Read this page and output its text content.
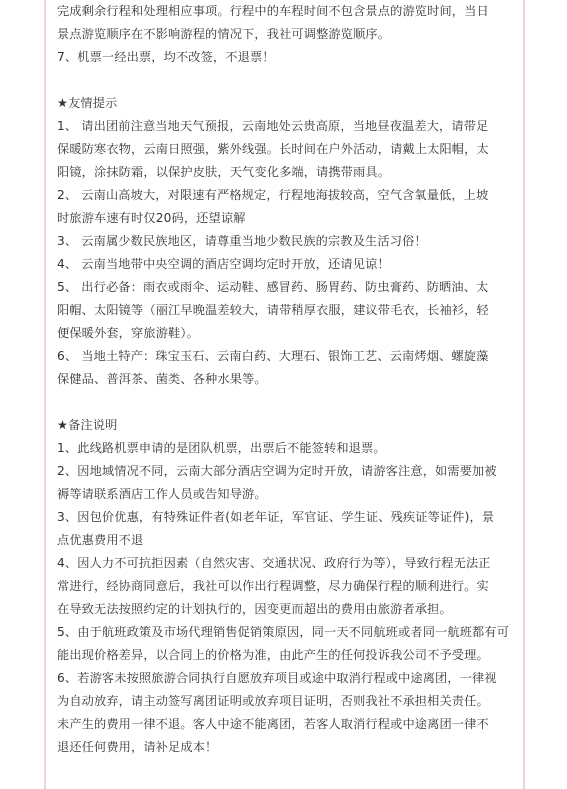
完成剩余行程和处理相应事项。行程中的车程时间不包含景点的游览时间，当日

景点游览顺序在不影响游程的情况下，我社可调整游览顺序。

7、机票一经出票，均不改签，不退票！

★友情提示

1、 请出团前注意当地天气预报，云南地处云贵高原，当地昼夜温差大，请带足

保暖防寒衣物，云南日照强，紫外线强。长时间在户外活动，请戴上太阳帽，太

阳镜，涂抹防霜，以保护皮肤，天气变化多端，请携带雨具。

2、 云南山高坡大，对限速有严格规定，行程地海拔较高，空气含氧量低，上坡

时旅游车速有时仅20码，还望谅解

3、 云南属少数民族地区，请尊重当地少数民族的宗教及生活习俗！

4、 云南当地带中央空调的酒店空调均定时开放，还请见谅！

5、 出行必备：雨衣或雨伞、运动鞋、感冒药、肠胃药、防虫膏药、防晒油、太

阳帽、太阳镜等（丽江早晚温差较大，请带稍厚衣服，建议带毛衣，长袖衫，轻

便保暖外套，穿旅游鞋）。

6、 当地土特产：珠宝玉石、云南白药、大理石、银饰工艺、云南烤烟、螺旋藻

保健品、普洱茶、菌类、各种水果等。

★备注说明

1、此线路机票申请的是团队机票，出票后不能签转和退票。

2、因地域情况不同，云南大部分酒店空调为定时开放，请游客注意，如需要加被

褥等请联系酒店工作人员或告知导游。

3、因包价优惠，有特殊证件者(如老年证，军官证、学生证、残疾证等证件)，景

点优惠费用不退

4、因人力不可抗拒因素（自然灾害、交通状况、政府行为等），导致行程无法正

常进行，经协商同意后，我社可以作出行程调整，尽力确保行程的顺利进行。实

在导致无法按照约定的计划执行的，因变更而超出的费用由旅游者承担。

5、由于航班政策及市场代理销售促销策原因，同一天不同航班或者同一航班都有可

能出现价格差异，以合同上的价格为准，由此产生的任何投诉我公司不予受理。

6、若游客未按照旅游合同执行自愿放弃项目或途中取消行程或中途离团，一律视

为自动放弃，请主动签写离团证明或放弃项目证明，否则我社不承担相关责任。

未产生的费用一律不退。客人中途不能离团，若客人取消行程或中途离团一律不

退还任何费用，请补足成本！
